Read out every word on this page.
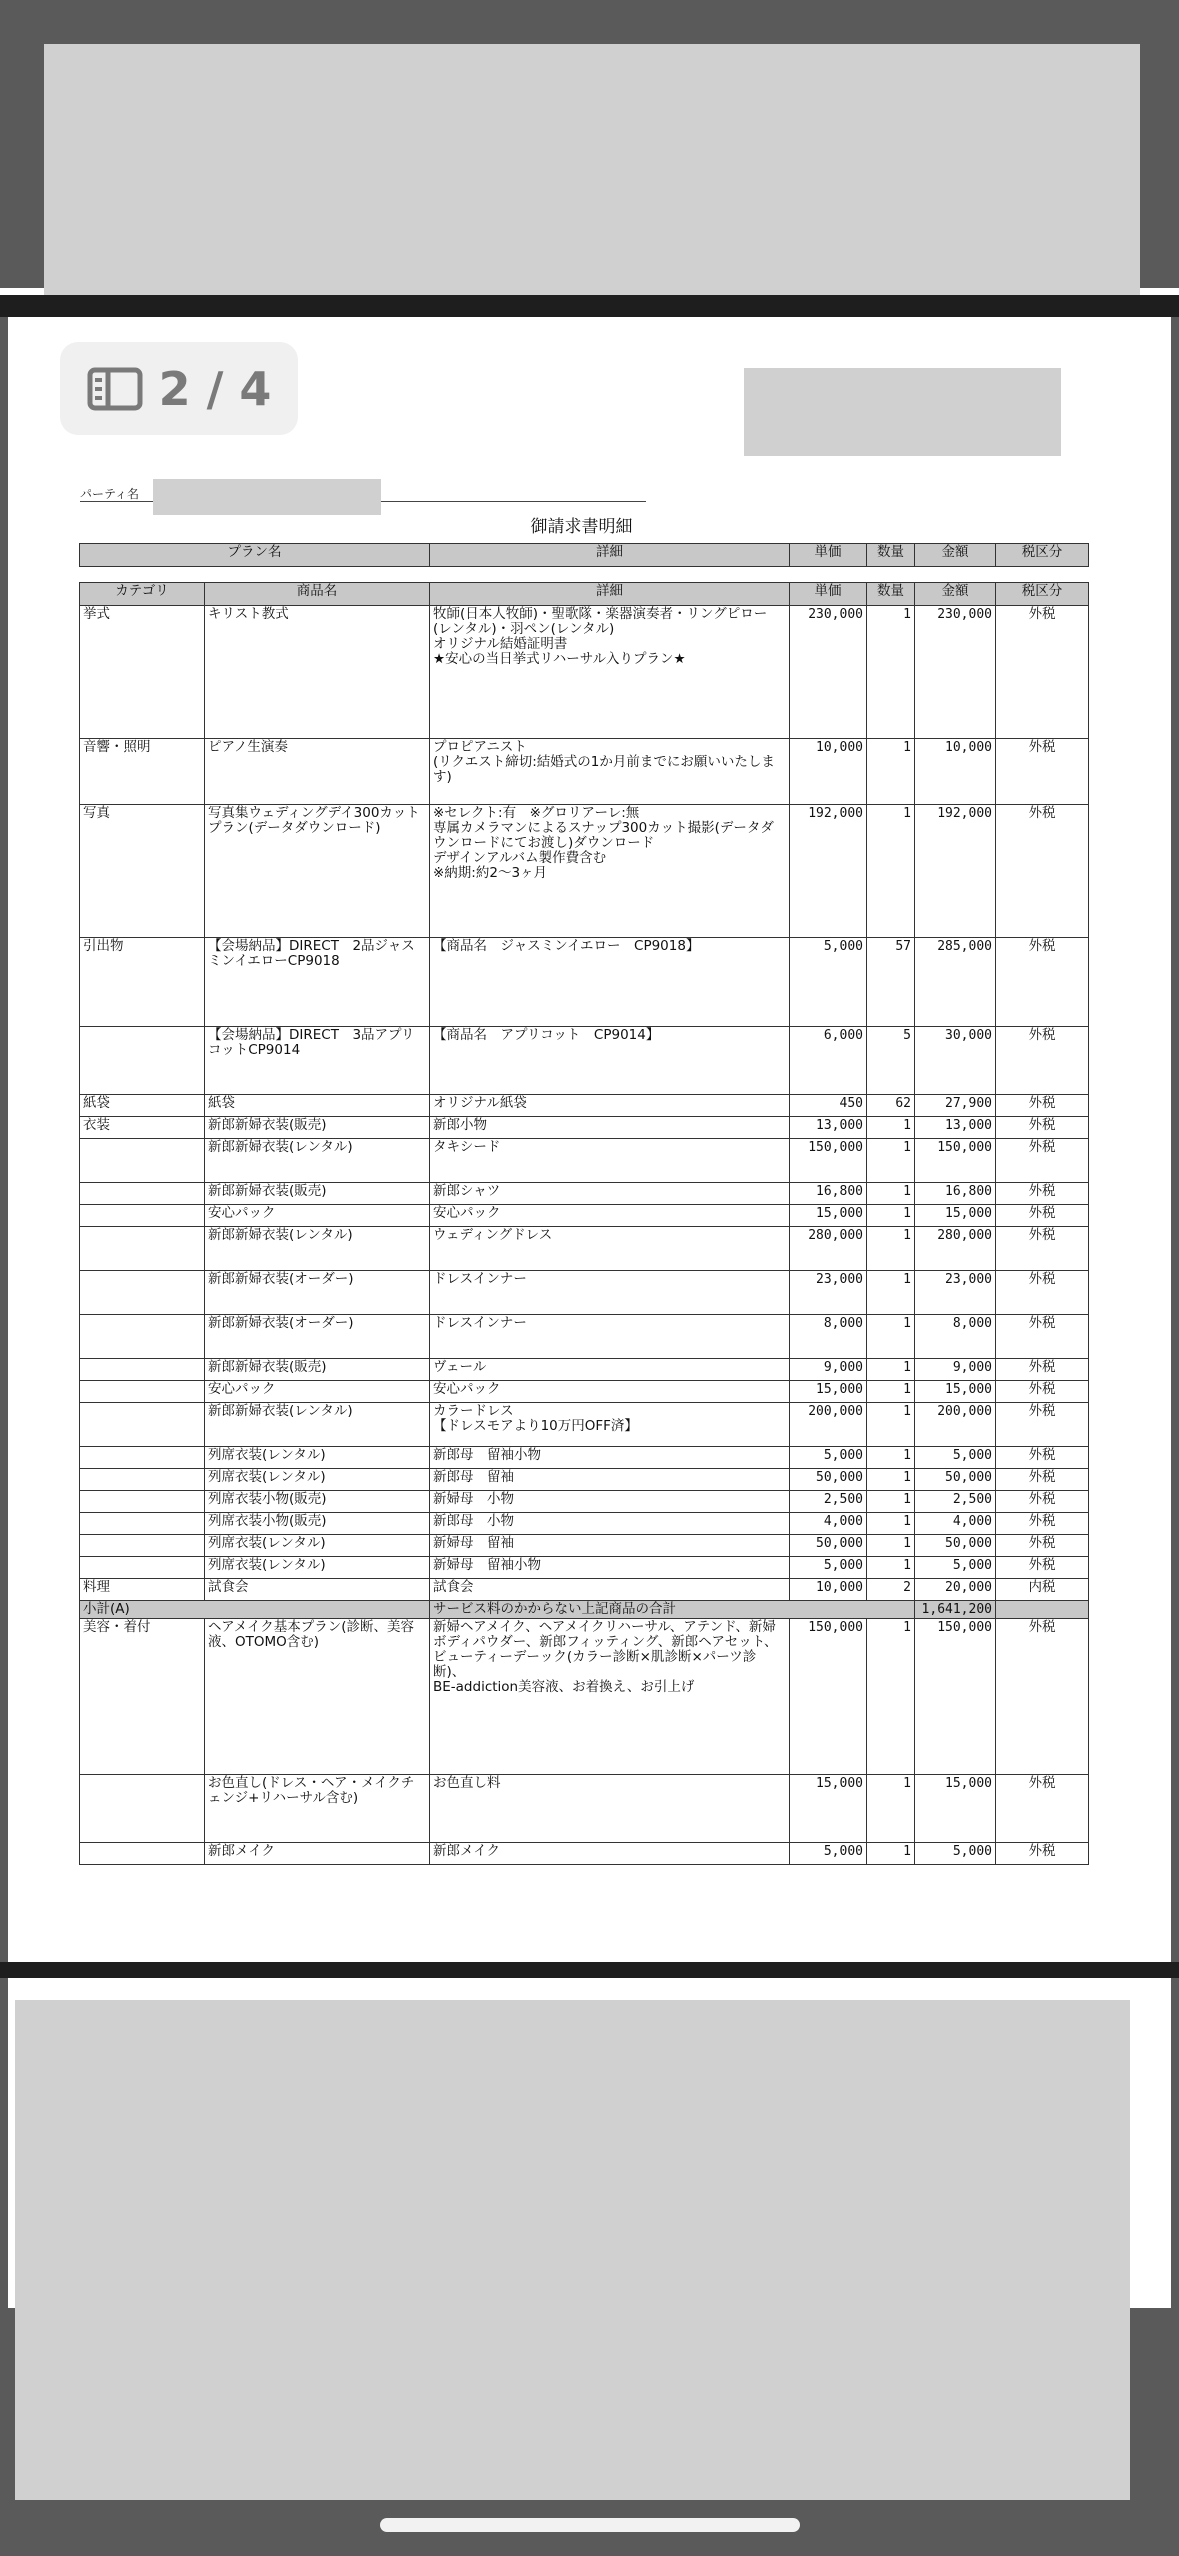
2 / 4
パーティ名
御請求書明細
プラン名	詳細	単価	数量	金額	税区分
カテゴリ	商品名	詳細	単価	数量	金額	税区分
挙式	キリスト教式	牧師(日本人牧師)・聖歌隊・楽器演奏者・リングピロー(レンタル)・羽ペン(レンタル)
オリジナル結婚証明書
★安心の当日挙式リハーサル入りプラン★	230,000	1	230,000	外税
音響・照明	ピアノ生演奏	プロピアニスト
(リクエスト締切:結婚式の1か月前までにお願いいたします)	10,000	1	10,000	外税
写真	写真集ウェディングデイ300カットプラン(データダウンロード)	※セレクト:有　※グロリアーレ:無
専属カメラマンによるスナップ300カット撮影(データダウンロードにてお渡し)ダウンロード
デザインアルバム製作費含む
※納期:約2〜3ヶ月	192,000	1	192,000	外税
引出物	【会場納品】DIRECT　2品ジャスミンイエローCP9018	【商品名　ジャスミンイエロー　CP9018】	5,000	57	285,000	外税
	【会場納品】DIRECT　3品アプリコットCP9014	【商品名　アプリコット　CP9014】	6,000	5	30,000	外税
紙袋	紙袋	オリジナル紙袋	450	62	27,900	外税
衣装	新郎新婦衣装(販売)	新郎小物	13,000	1	13,000	外税
	新郎新婦衣装(レンタル)	タキシード	150,000	1	150,000	外税
	新郎新婦衣装(販売)	新郎シャツ	16,800	1	16,800	外税
	安心パック	安心パック	15,000	1	15,000	外税
	新郎新婦衣装(レンタル)	ウェディングドレス	280,000	1	280,000	外税
	新郎新婦衣装(オーダー)	ドレスインナー	23,000	1	23,000	外税
	新郎新婦衣装(オーダー)	ドレスインナー	8,000	1	8,000	外税
	新郎新婦衣装(販売)	ヴェール	9,000	1	9,000	外税
	安心パック	安心パック	15,000	1	15,000	外税
	新郎新婦衣装(レンタル)	カラードレス
【ドレスモアより10万円OFF済】	200,000	1	200,000	外税
	列席衣装(レンタル)	新郎母　留袖小物	5,000	1	5,000	外税
	列席衣装(レンタル)	新郎母　留袖	50,000	1	50,000	外税
	列席衣装小物(販売)	新婦母　小物	2,500	1	2,500	外税
	列席衣装小物(販売)	新郎母　小物	4,000	1	4,000	外税
	列席衣装(レンタル)	新婦母　留袖	50,000	1	50,000	外税
	列席衣装(レンタル)	新婦母　留袖小物	5,000	1	5,000	外税
料理	試食会	試食会	10,000	2	20,000	内税
小計(A)		サービス料のかからない上記商品の合計			1,641,200	
美容・着付	ヘアメイク基本プラン(診断、美容液、OTOMO含む)	新婦ヘアメイク、ヘアメイクリハーサル、アテンド、新婦ボディパウダー、新郎フィッティング、新郎ヘアセット、ビューティーデーック(カラー診断×肌診断×パーツ診断)、
BE-addiction美容液、お着換え、お引上げ	150,000	1	150,000	外税
	お色直し(ドレス・ヘア・メイクチェンジ+リハーサル含む)	お色直し料	15,000	1	15,000	外税
	新郎メイク	新郎メイク	5,000	1	5,000	外税
